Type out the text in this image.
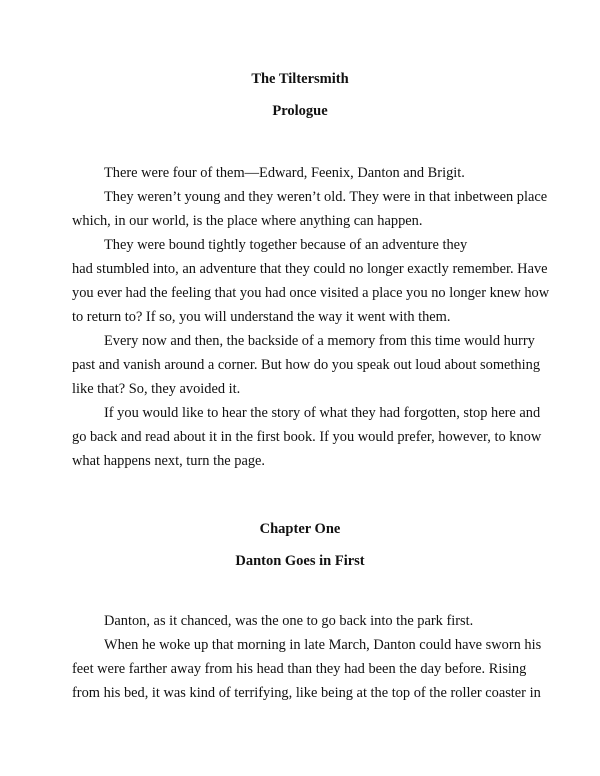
The Tiltersmith
Prologue
There were four of them—Edward, Feenix, Danton and Brigit.
They weren’t young and they weren’t old. They were in that inbetween place
which, in our world, is the place where anything can happen.
They were bound tightly together because of an adventure they
had stumbled into, an adventure that they could no longer exactly remember. Have
you ever had the feeling that you had once visited a place you no longer knew how
to return to? If so, you will understand the way it went with them.
Every now and then, the backside of a memory from this time would hurry
past and vanish around a corner. But how do you speak out loud about something
like that? So, they avoided it.
If you would like to hear the story of what they had forgotten, stop here and
go back and read about it in the first book. If you would prefer, however, to know
what happens next, turn the page.
Chapter One
Danton Goes in First
Danton, as it chanced, was the one to go back into the park first.
When he woke up that morning in late March, Danton could have sworn his
feet were farther away from his head than they had been the day before. Rising
from his bed, it was kind of terrifying, like being at the top of the roller coaster in
